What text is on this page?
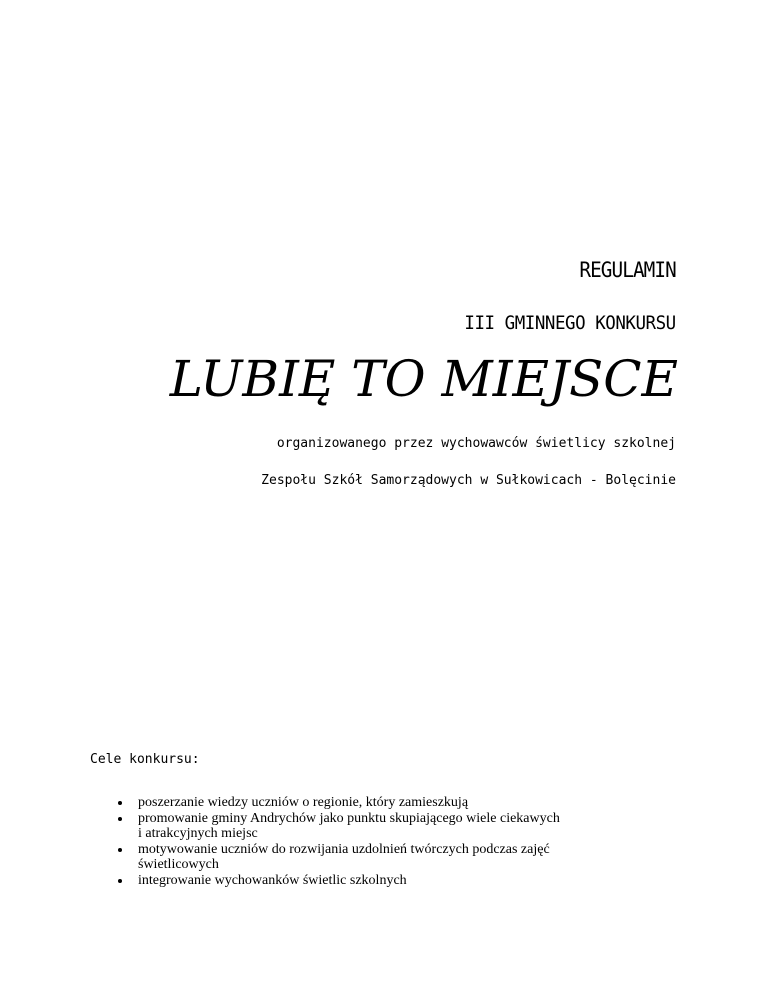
REGULAMIN
III GMINNEGO KONKURSU
LUBIĘ TO MIEJSCE
organizowanego przez wychowawców świetlicy szkolnej
Zespołu Szkół Samorządowych w Sułkowicach - Bolęcinie
Cele konkursu:
poszerzanie wiedzy uczniów o regionie, który zamieszkują
promowanie gminy Andrychów jako punktu skupiającego wiele ciekawych
i atrakcyjnych miejsc
motywowanie uczniów do rozwijania uzdolnień twórczych podczas zajęć
świetlicowych
integrowanie wychowanków świetlic szkolnych
